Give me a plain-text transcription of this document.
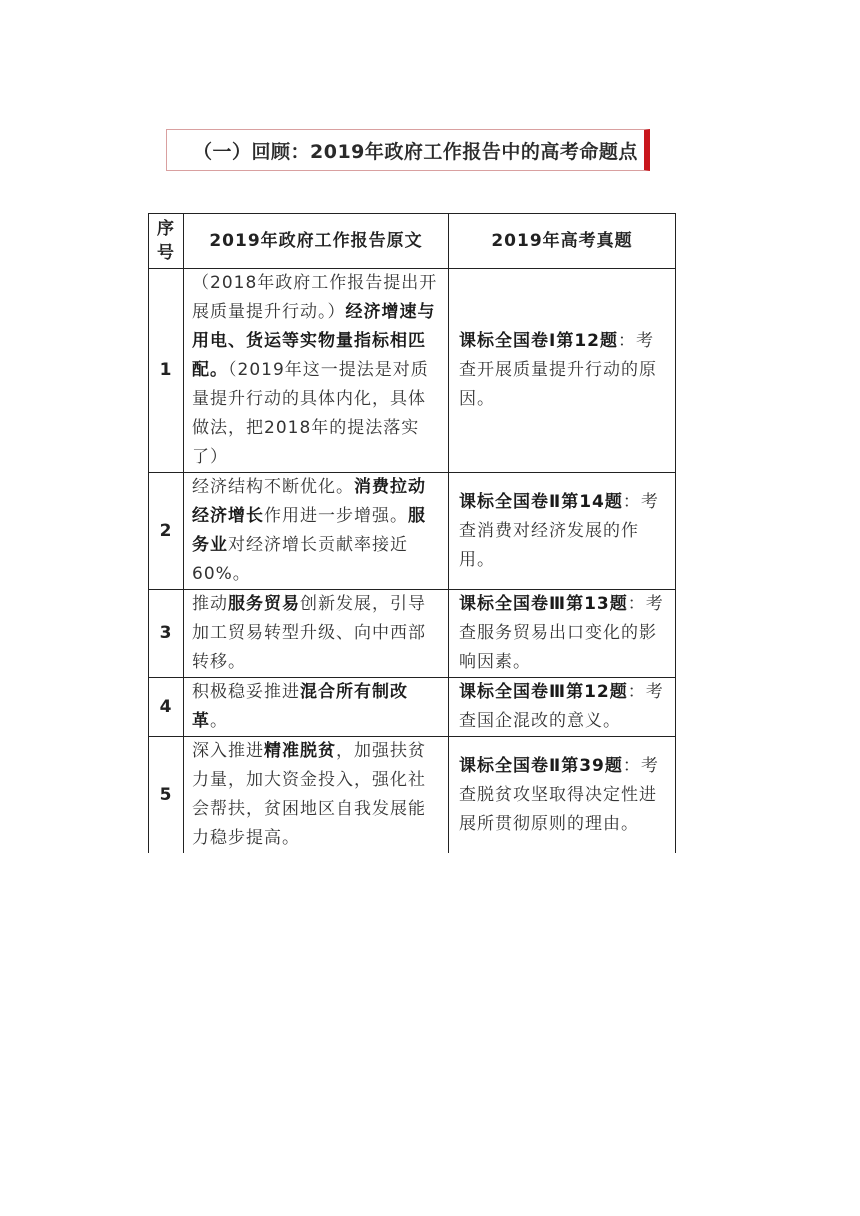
（一）回顾：2019年政府工作报告中的高考命题点
序号	2019年政府工作报告原文	2019年高考真题
1	（2018年政府工作报告提出开展质量提升行动。）经济增速与用电、货运等实物量指标相匹配。（2019年这一提法是对质量提升行动的具体内化，具体做法，把2018年的提法落实了）	课标全国卷Ⅰ第12题：考查开展质量提升行动的原因。
2	经济结构不断优化。消费拉动经济增长作用进一步增强。服务业对经济增长贡献率接近60%。	课标全国卷Ⅱ第14题：考查消费对经济发展的作用。
3	推动服务贸易创新发展，引导加工贸易转型升级、向中西部转移。	课标全国卷Ⅲ第13题：考查服务贸易出口变化的影响因素。
4	积极稳妥推进混合所有制改革。	课标全国卷Ⅲ第12题：考查国企混改的意义。
5	深入推进精准脱贫，加强扶贫力量，加大资金投入，强化社会帮扶，贫困地区自我发展能力稳步提高。	课标全国卷Ⅱ第39题：考查脱贫攻坚取得决定性进展所贯彻原则的理由。
